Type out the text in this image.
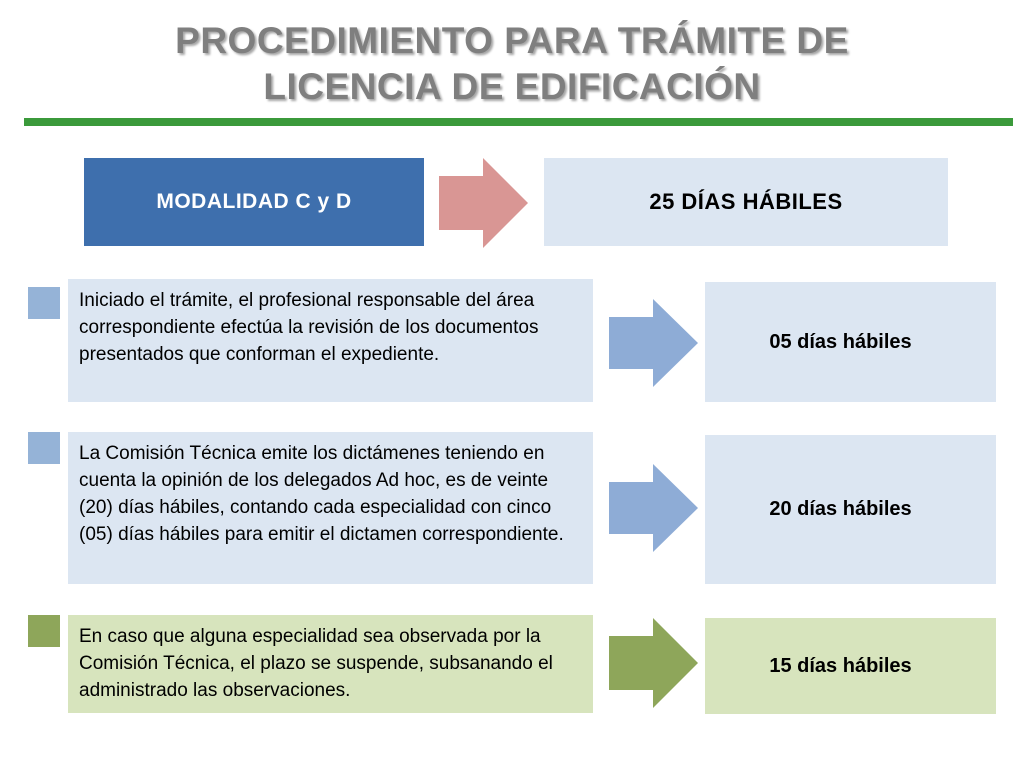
PROCEDIMIENTO PARA TRÁMITE DE
LICENCIA DE EDIFICACIÓN
MODALIDAD C y D	25 DÍAS HÁBILES
Iniciado el trámite, el profesional responsable del área correspondiente efectúa la revisión de los documentos presentados que conforman el expediente.
05 días hábiles
La Comisión Técnica emite los dictámenes teniendo en cuenta la opinión de los delegados Ad hoc, es de veinte (20) días hábiles, contando cada especialidad con cinco (05) días hábiles para emitir el dictamen correspondiente.
20 días hábiles
En caso que alguna especialidad sea observada por la Comisión Técnica, el plazo se suspende, subsanando el administrado las observaciones.
15 días hábiles
